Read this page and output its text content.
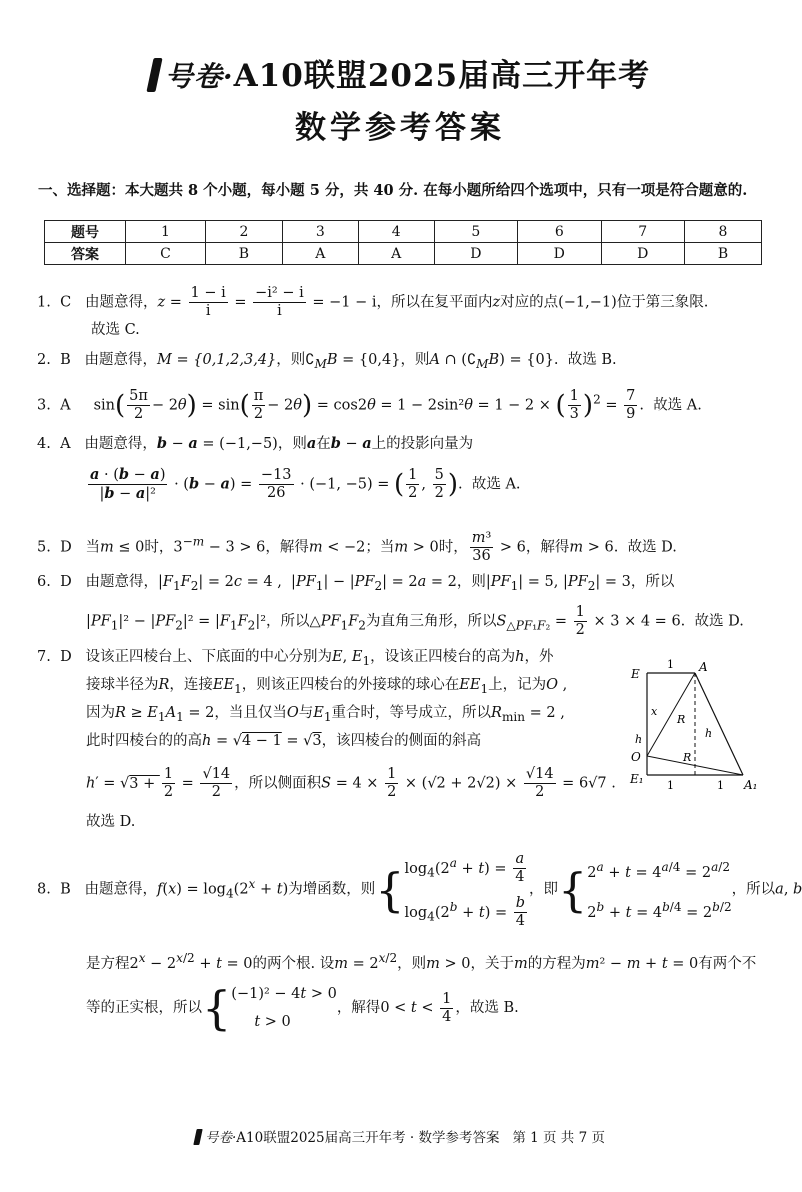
号卷·A10联盟2025届高三开年考
数学参考答案
一、选择题：本大题共 8 个小题，每小题 5 分，共 40 分. 在每小题所给四个选项中，只有一项是符合题意的.
题号	1	2	3	4	5	6	7	8
答案	C	B	A	A	D	D	D	B
1. C 由题意得，$z = \frac{1 - i}{i} = \frac{\text{−i² − i}}{i} = -1 - i$，所以在复平面内z对应的点(−1,−1)位于第三象限.
故选 C.
2. B 由题意得，M = {0,1,2,3,4}，则$∁_MB = \{0,4\}$，则A ∩ $(∁_MB) = \{0\}$.  故选 B.
3. A     $\sin( \frac{5\pi}{2} - 2\theta) = \sin( \frac{\pi}{2} - 2\theta) = \cos 2\theta = 1 - 2\sin^2\theta = 1 - 2$ × ( $\frac{1}{3} )^2 = \frac{7}{9}$ .  故选 A.
4. A 由题意得，b − a = (−1,−5)，则a在b − a上的投影向量为
$\frac{a \cdot (b - a)}{\text{|b − a|²}} \cdot (b - a) = \frac{-13}{26} \cdot (-1$, −5) = ( $\frac{1}{2}$ , $\frac{5}{2}$ ).  故选 A.
5. D 当m ≤ 0时，$3^{-m} - 3 > 6$，解得m < −2；当m > 0时， $\frac{\text{m³}}{36} > 6$，解得m > 6.  故选 D.
6. D 由题意得，$|F_1F_2| = 2c = 4$ ,  $|PF_1| - |PF_2| = 2a = 2$，则$|PF_1| = 5$, $|PF_2| = 3$，所以
$|PF_1|^2 - |PF_2|^2 = |F_1F_2|^2$，所以$\triangle PF_1F_2$为直角三角形，所以$S_{\triangle PF_1F_2} = \frac{1}{2} \times 3 \times 4 = 6$.  故选 D.
7. D 设该正四棱台上、下底面的中心分别为E, $E_1$，设该正四棱台的高为h，外
接球半径为R，连接$EE_1$，则该正四棱台的外接球的球心在$EE_1$上，记为O ,
因为$R \ge E_1A_1 = 2$，当且仅当O与$E_1$重合时，等号成立，所以$R_{min} = 2$ ,
此时四棱台的的高h = √4 − 1 = √3，该四棱台的侧面的斜高
$h' = √3 + \frac{1}{2} = \frac{√14}{2}$ ，所以侧面积$S = 4 \times \frac{1}{2} \times (√2 + 2√2) \times \frac{√14}{2} = 6√7$ .
故选 D.
E	A
O
E₁	A₁
1
1	1
x
h
R
h
R
8. B 由题意得，$f(x) = \log_4(2^x + t)$为增函数，则{ $\log_4(2^a + t) = \frac{a}{4}$
$\log_4(2^b + t) = \frac{b}{4}$
，即{ $2^a + t = 4^{a/4} = 2^{a/2}$
$2^b + t = 4^{b/4} = 2^{b/2}$
，所以a, b
是方程$2^x - 2^{x/2} + t = 0$的两个根. 设$m = 2^{x/2}$，则m > 0，关于m的方程为m² − m + t = 0有两个不
等的正实根，所以{ (−1)² − 4t > 0
t > 0
，解得$0 < t < \frac{1}{4}$ ，故选 B.
号卷·A10联盟2025届高三开年考 · 数学参考答案 第 1 页 共 7 页
